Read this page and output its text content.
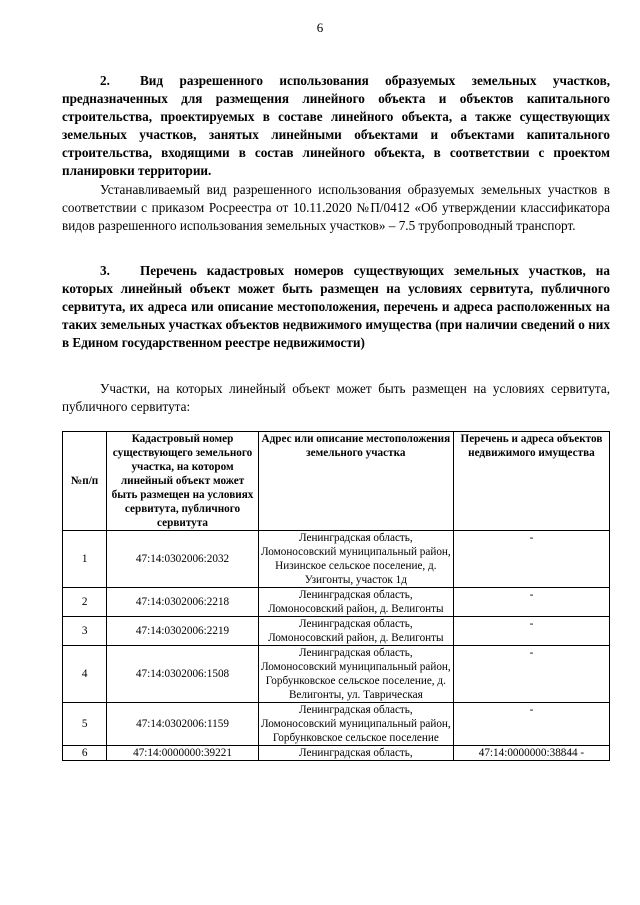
6

2. Вид разрешенного использования образуемых земельных участков, предназначенных для размещения линейного объекта и объектов капитального строительства, проектируемых в составе линейного объекта, а также существующих земельных участков, занятых линейными объектами и объектами капитального строительства, входящими в состав линейного объекта, в соответствии с проектом планировки территории.

Устанавливаемый вид разрешенного использования образуемых земельных участков в соответствии с приказом Росреестра от 10.11.2020 №П/0412 «Об утверждении классификатора видов разрешенного использования земельных участков» – 7.5 трубопроводный транспорт.

3. Перечень кадастровых номеров существующих земельных участков, на которых линейный объект может быть размещен на условиях сервитута, публичного сервитута, их адреса или описание местоположения, перечень и адреса расположенных на таких земельных участках объектов недвижимого имущества (при наличии сведений о них в Едином государственном реестре недвижимости)

Участки, на которых линейный объект может быть размещен на условиях сервитута, публичного сервитута:

№п/п	Кадастровый номер существующего земельного участка, на котором линейный объект может быть размещен на условиях сервитута, публичного сервитута	Адрес или описание местоположения земельного участка	Перечень и адреса объектов недвижимого имущества
1	47:14:0302006:2032	Ленинградская область, Ломоносовский муниципальный район, Низинское сельское поселение, д. Узигонты, участок 1д	-
2	47:14:0302006:2218	Ленинградская область, Ломоносовский район, д. Велигонты	-
3	47:14:0302006:2219	Ленинградская область, Ломоносовский район, д. Велигонты	-
4	47:14:0302006:1508	Ленинградская область, Ломоносовский муниципальный район, Горбунковское сельское поселение, д. Велигонты, ул. Таврическая	-
5	47:14:0302006:1159	Ленинградская область, Ломоносовский муниципальный район, Горбунковское сельское поселение	-
6	47:14:0000000:39221	Ленинградская область,	47:14:0000000:38844 -
